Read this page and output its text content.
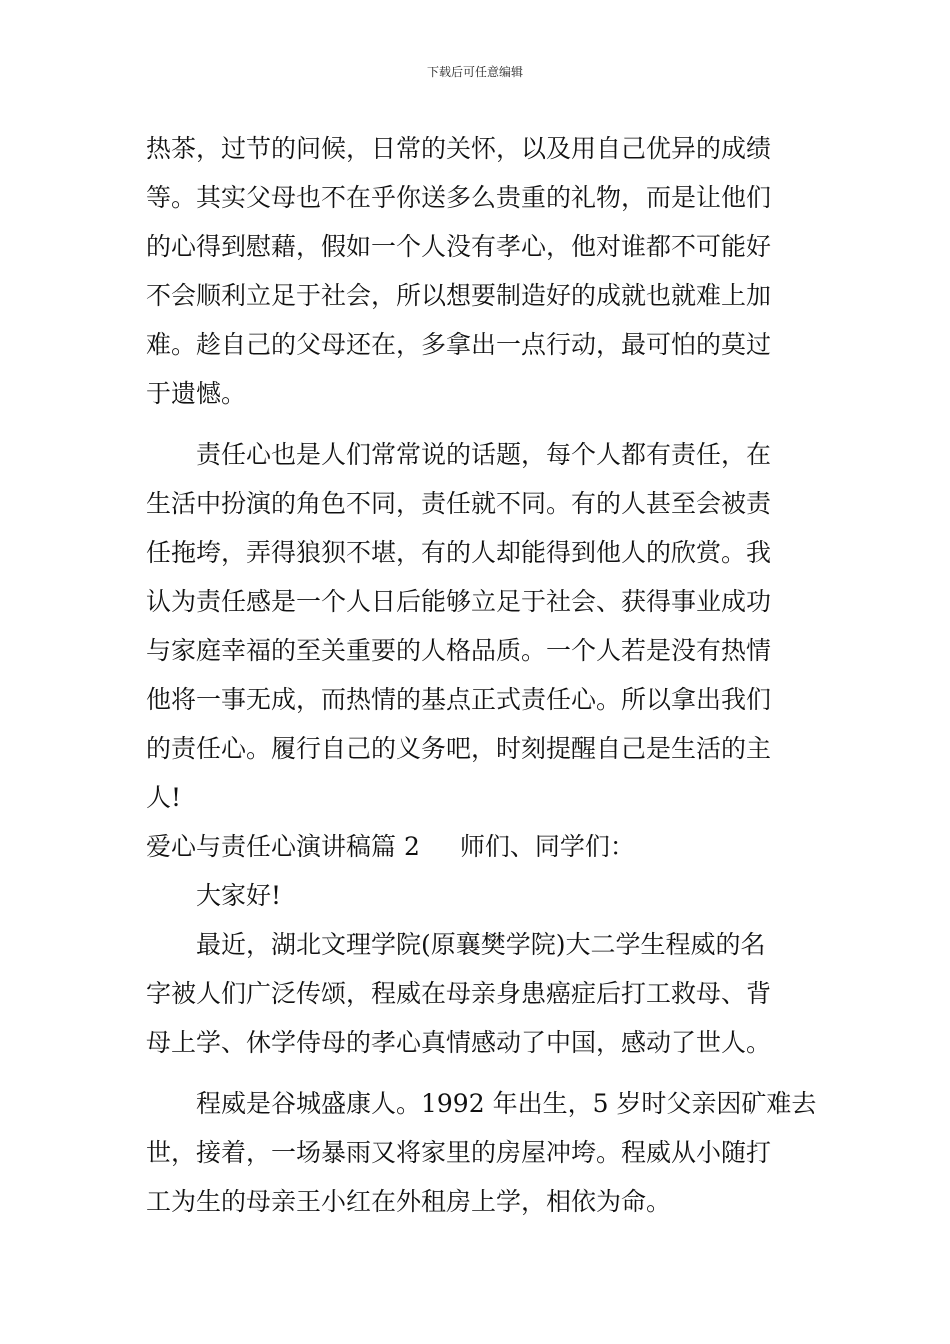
下载后可任意编辑
热茶，过节的问候，日常的关怀，以及用自己优异的成绩
等。其实父母也不在乎你送多么贵重的礼物，而是让他们
的心得到慰藉，假如一个人没有孝心，他对谁都不可能好
不会顺利立足于社会，所以想要制造好的成就也就难上加
难。趁自己的父母还在，多拿出一点行动，最可怕的莫过
于遗憾。
责任心也是人们常常说的话题，每个人都有责任，在
生活中扮演的角色不同，责任就不同。有的人甚至会被责
任拖垮，弄得狼狈不堪，有的人却能得到他人的欣赏。我
认为责任感是一个人日后能够立足于社会、获得事业成功
与家庭幸福的至关重要的人格品质。一个人若是没有热情
他将一事无成，而热情的基点正式责任心。所以拿出我们
的责任心。履行自己的义务吧，时刻提醒自己是生活的主
人!
爱心与责任心演讲稿篇 2 师们、同学们：
大家好!
最近，湖北文理学院(原襄樊学院)大二学生程威的名
字被人们广泛传颂，程威在母亲身患癌症后打工救母、背
母上学、休学侍母的孝心真情感动了中国，感动了世人。
程威是谷城盛康人。1992 年出生，5 岁时父亲因矿难去
世，接着，一场暴雨又将家里的房屋冲垮。程威从小随打
工为生的母亲王小红在外租房上学，相依为命。
